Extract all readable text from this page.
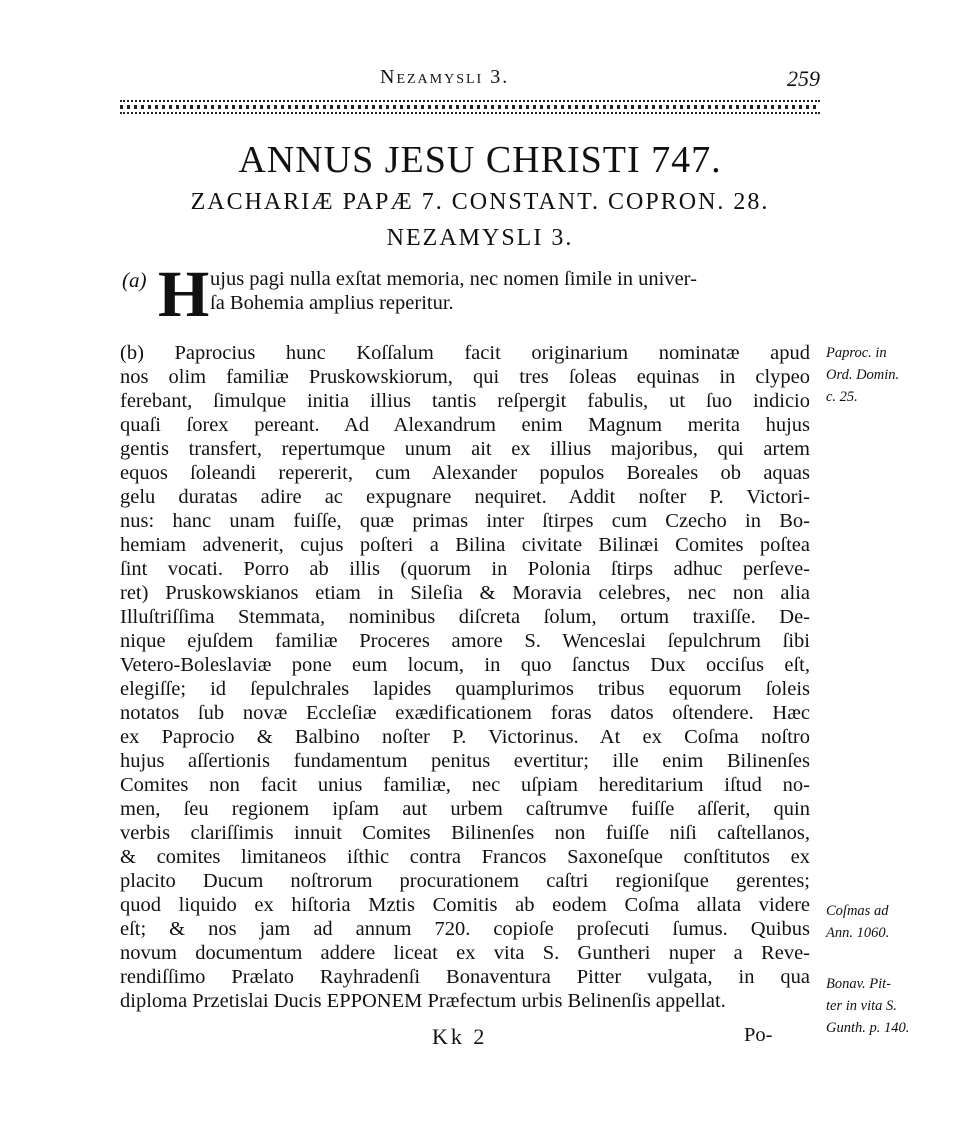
Nezamysli 3.	259
ANNUS JESU CHRISTI 747.
ZACHARIÆ PAPÆ 7. CONSTANT. COPRON. 28.
NEZAMYSLI 3.
(a) H ujus pagi nulla exſtat memoria, nec nomen ſimile in univer-
ſa Bohemia amplius reperitur.
(b) Paprocius hunc Koſſalum facit originarium nominatæ apud
nos olim familiæ Pruskowskiorum, qui tres ſoleas equinas in clypeo
ferebant, ſimulque initia illius tantis reſpergit fabulis, ut ſuo indicio
quaſi ſorex pereant. Ad Alexandrum enim Magnum merita hujus
gentis transfert, repertumque unum ait ex illius majoribus, qui artem
equos ſoleandi repererit, cum Alexander populos Boreales ob aquas
gelu duratas adire ac expugnare nequiret. Addit noſter P. Victori-
nus: hanc unam fuiſſe, quæ primas inter ſtirpes cum Czecho in Bo-
hemiam advenerit, cujus poſteri a Bilina civitate Bilinæi Comites poſtea
ſint vocati. Porro ab illis (quorum in Polonia ſtirps adhuc perſeve-
ret) Pruskowskianos etiam in Sileſia & Moravia celebres, nec non alia
Illuſtriſſima Stemmata, nominibus diſcreta ſolum, ortum traxiſſe. De-
nique ejuſdem familiæ Proceres amore S. Wenceslai ſepulchrum ſibi
Vetero-Boleslaviæ pone eum locum, in quo ſanctus Dux occiſus eſt,
elegiſſe; id ſepulchrales lapides quamplurimos tribus equorum ſoleis
notatos ſub novæ Eccleſiæ exædificationem foras datos oſtendere. Hæc
ex Paprocio & Balbino noſter P. Victorinus. At ex Coſma noſtro
hujus aſſertionis fundamentum penitus evertitur; ille enim Bilinenſes
Comites non facit unius familiæ, nec uſpiam hereditarium iſtud no-
men, ſeu regionem ipſam aut urbem caſtrumve fuiſſe aſſerit, quin
verbis clariſſimis innuit Comites Bilinenſes non fuiſſe niſi caſtellanos,
& comites limitaneos iſthic contra Francos Saxoneſque conſtitutos ex
placito Ducum noſtrorum procurationem caſtri regioniſque gerentes;
quod liquido ex hiſtoria Mztis Comitis ab eodem Coſma allata videre
eſt; & nos jam ad annum 720. copioſe proſecuti ſumus. Quibus
novum documentum addere liceat ex vita S. Guntheri nuper a Reve-
rendiſſimo Prælato Rayhradenſi Bonaventura Pitter vulgata, in qua
diploma Przetislai Ducis EPPONEM Præfectum urbis Belinenſis appellat.
Paproc. in
Ord. Domin.
c. 25.
Coſmas ad
Ann. 1060.
Bonav. Pit-
ter in vita S.
Gunth. p. 140.
Kk 2	Po-
